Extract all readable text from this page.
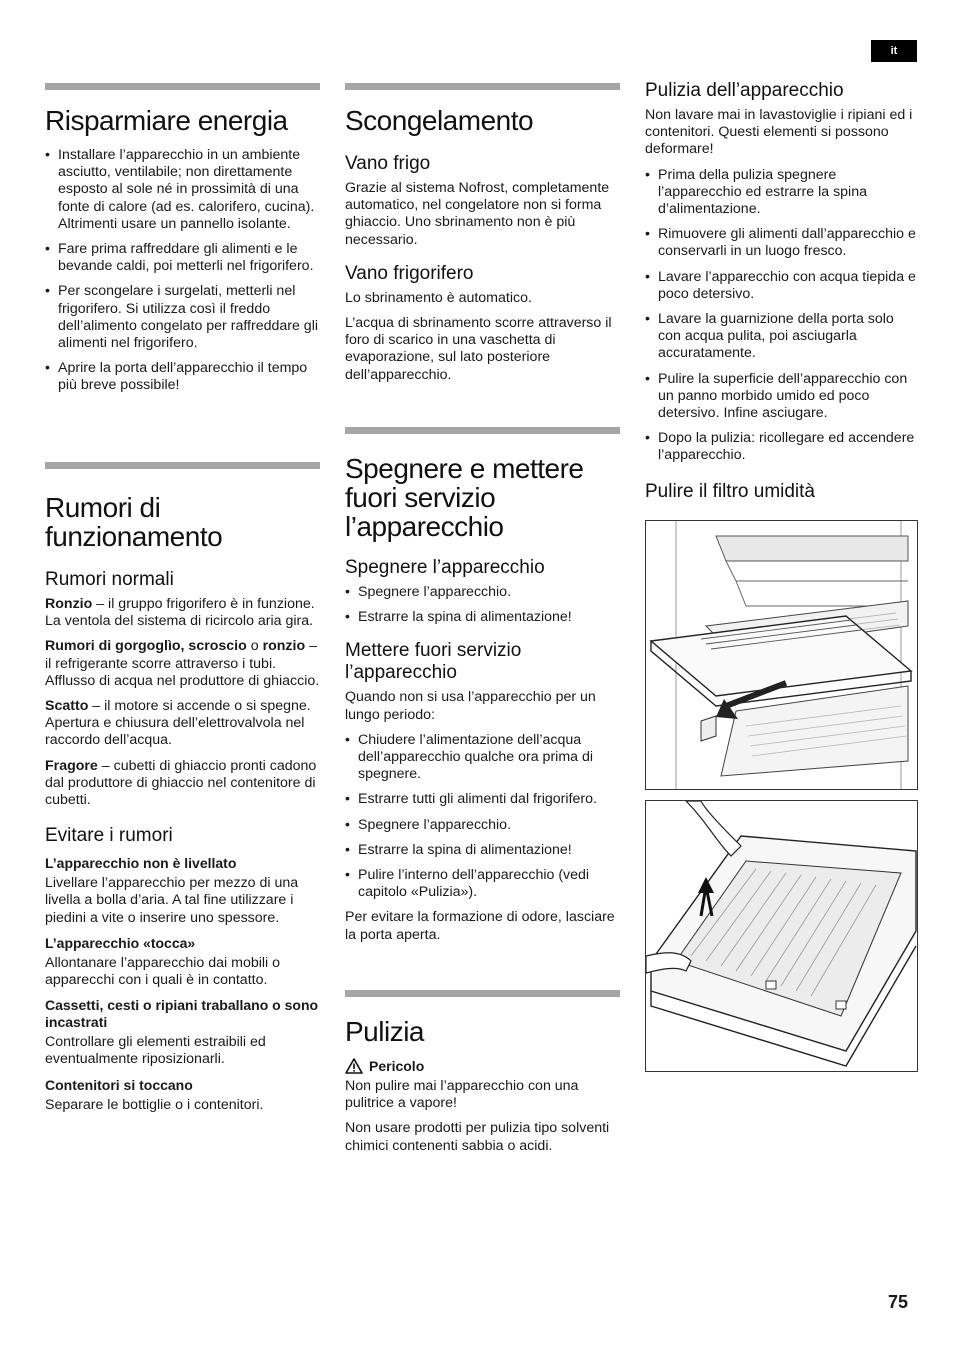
it
Risparmiare energia
• Installare l’apparecchio in un ambiente asciutto, ventilabile; non direttamente esposto al sole né in prossimità di una fonte di calore (ad es. calorifero, cucina). Altrimenti usare un pannello isolante.
• Fare prima raffreddare gli alimenti e le bevande caldi, poi metterli nel frigorifero.
• Per scongelare i surgelati, metterli nel frigorifero. Si utilizza così il freddo dell’alimento congelato per raffreddare gli alimenti nel frigorifero.
• Aprire la porta dell’apparecchio il tempo più breve possibile!
Rumori di funzionamento
Rumori normali

Ronzio – il gruppo frigorifero è in funzione. La ventola del sistema di ricircolo aria gira.

Rumori di gorgoglìo, scroscio o ronzio – il refrigerante scorre attraverso i tubi. Afflusso di acqua nel produttore di ghiaccio.

Scatto – il motore si accende o si spegne. Apertura e chiusura dell’elettrovalvola nel raccordo dell’acqua.

Fragore – cubetti di ghiaccio pronti cadono dal produttore di ghiaccio nel contenitore di cubetti.

Evitare i rumori
L’apparecchio non è livellato

Livellare l’apparecchio per mezzo di una livella a bolla d’aria. A tal fine utilizzare i piedini a vite o inserire uno spessore.

L’apparecchio «tocca»

Allontanare l’apparecchio dai mobili o apparecchi con i quali è in contatto.

Cassetti, cesti o ripiani traballano o sono incastrati

Controllare gli elementi estraibili ed eventualmente riposizionarli.

Contenitori si toccano

Separare le bottiglie o i contenitori.

Scongelamento
Vano frigo

Grazie al sistema Nofrost, completamente automatico, nel congelatore non si forma ghiaccio. Uno sbrinamento non è più necessario.

Vano frigorifero

Lo sbrinamento è automatico.

L’acqua di sbrinamento scorre attraverso il foro di scarico in una vaschetta di evaporazione, sul lato posteriore dell’apparecchio.

Spegnere e mettere fuori servizio l’apparecchio
Spegnere l’apparecchio
• Spegnere l’apparecchio.
• Estrarre la spina di alimentazione!
Mettere fuori servizio l’apparecchio

Quando non si usa l’apparecchio per un lungo periodo:

• Chiudere l’alimentazione dell’acqua dell’apparecchio qualche ora prima di spegnere.
• Estrarre tutti gli alimenti dal frigorifero.
• Spegnere l’apparecchio.
• Estrarre la spina di alimentazione!
• Pulire l’interno dell’apparecchio (vedi capitolo «Pulizia»).

Per evitare la formazione di odore, lasciare la porta aperta.

Pulizia
Pericolo

Non pulire mai l’apparecchio con una pulitrice a vapore!

Non usare prodotti per pulizia tipo solventi chimici contenenti sabbia o acidi.

Pulizia dell’apparecchio

Non lavare mai in lavastoviglie i ripiani ed i contenitori. Questi elementi si possono deformare!

• Prima della pulizia spegnere l’apparecchio ed estrarre la spina d’alimentazione.
• Rimuovere gli alimenti dall’apparecchio e conservarli in un luogo fresco.
• Lavare l’apparecchio con acqua tiepida e poco detersivo.
• Lavare la guarnizione della porta solo con acqua pulita, poi asciugarla accuratamente.
• Pulire la superficie dell’apparecchio con un panno morbido umido ed poco detersivo. Infine asciugare.
• Dopo la pulizia: ricollegare ed accendere l’apparecchio.
Pulire il filtro umidità
75
